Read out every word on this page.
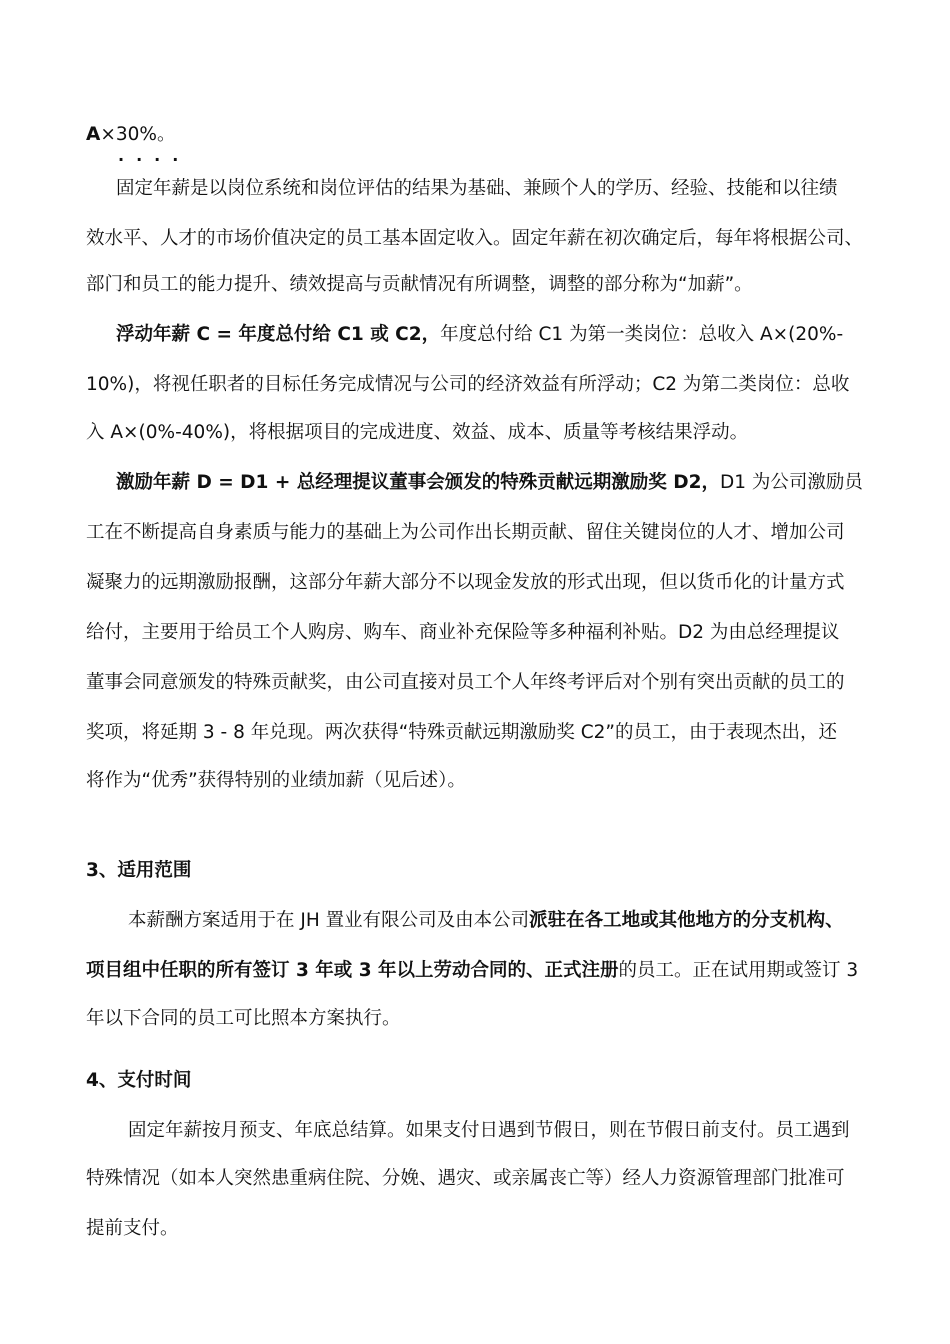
A×30%。
····
固定年薪是以岗位系统和岗位评估的结果为基础、兼顾个人的学历、经验、技能和以往绩
效水平、人才的市场价值决定的员工基本固定收入。固定年薪在初次确定后，每年将根据公司、
部门和员工的能力提升、绩效提高与贡献情况有所调整，调整的部分称为“加薪”。
浮动年薪 C = 年度总付给 C1 或 C2，年度总付给 C1 为第一类岗位：总收入 A×(20%-
10%)，将视任职者的目标任务完成情况与公司的经济效益有所浮动；C2 为第二类岗位：总收
入 A×(0%-40%)，将根据项目的完成进度、效益、成本、质量等考核结果浮动。
激励年薪 D = D1 + 总经理提议董事会颁发的特殊贡献远期激励奖 D2，D1 为公司激励员
工在不断提高自身素质与能力的基础上为公司作出长期贡献、留住关键岗位的人才、增加公司
凝聚力的远期激励报酬，这部分年薪大部分不以现金发放的形式出现，但以货币化的计量方式
给付，主要用于给员工个人购房、购车、商业补充保险等多种福利补贴。D2 为由总经理提议
董事会同意颁发的特殊贡献奖，由公司直接对员工个人年终考评后对个别有突出贡献的员工的
奖项，将延期 3 - 8 年兑现。两次获得“特殊贡献远期激励奖 C2”的员工，由于表现杰出，还
将作为“优秀”获得特别的业绩加薪（见后述）。
3、适用范围
本薪酬方案适用于在 JH 置业有限公司及由本公司派驻在各工地或其他地方的分支机构、
项目组中任职的所有签订 3 年或 3 年以上劳动合同的、正式注册的员工。正在试用期或签订 3
年以下合同的员工可比照本方案执行。
4、支付时间
固定年薪按月预支、年底总结算。如果支付日遇到节假日，则在节假日前支付。员工遇到
特殊情况（如本人突然患重病住院、分娩、遇灾、或亲属丧亡等）经人力资源管理部门批准可
提前支付。
